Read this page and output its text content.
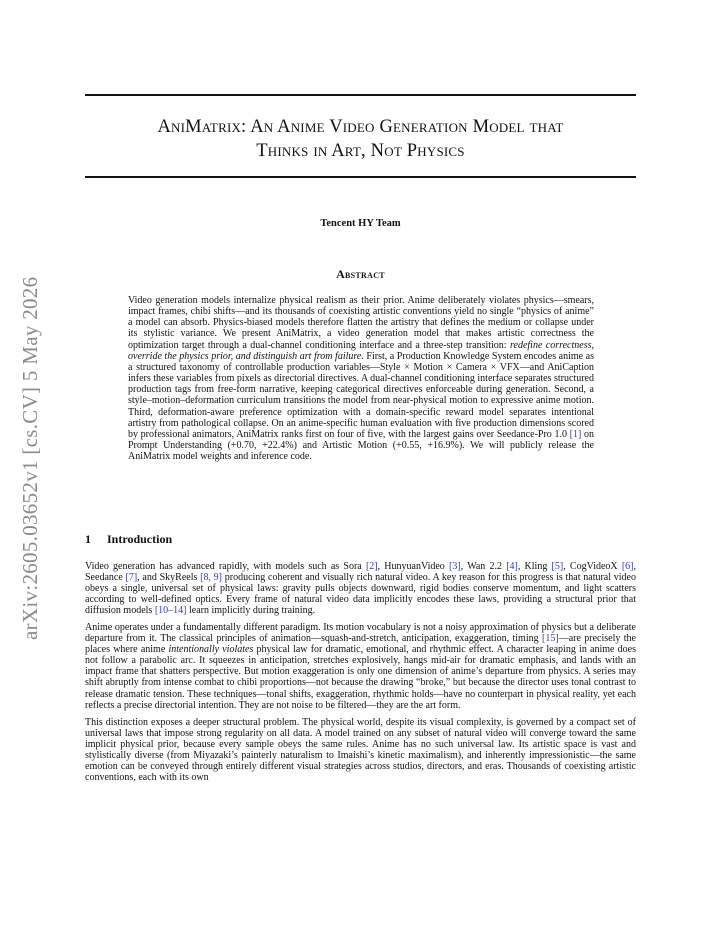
arXiv:2605.03652v1 [cs.CV] 5 May 2026
AniMatrix: An Anime Video Generation Model that
Thinks in Art, Not Physics
Tencent HY Team
Abstract
Video generation models internalize physical realism as their prior. Anime deliberately violates physics—smears, impact frames, chibi shifts—and its thousands of coexisting artistic conventions yield no single “physics of anime” a model can absorb. Physics-biased models therefore flatten the artistry that defines the medium or collapse under its stylistic variance. We present AniMatrix, a video generation model that makes artistic correctness the optimization target through a dual-channel conditioning interface and a three-step transition: redefine correctness, override the physics prior, and distinguish art from failure. First, a Production Knowledge System encodes anime as a structured taxonomy of controllable production variables—Style × Motion × Camera × VFX—and AniCaption infers these variables from pixels as directorial directives. A dual-channel conditioning interface separates structured production tags from free-form narrative, keeping categorical directives enforceable during generation. Second, a style–motion–deformation curriculum transitions the model from near-physical motion to expressive anime motion. Third, deformation-aware preference optimization with a domain-specific reward model separates intentional artistry from pathological collapse. On an anime-specific human evaluation with five production dimensions scored by professional animators, AniMatrix ranks first on four of five, with the largest gains over Seedance-Pro 1.0 [1] on Prompt Understanding (+0.70, +22.4%) and Artistic Motion (+0.55, +16.9%). We will publicly release the AniMatrix model weights and inference code.
1 Introduction

Video generation has advanced rapidly, with models such as Sora [2], HunyuanVideo [3], Wan 2.2 [4], Kling [5], CogVideoX [6], Seedance [7], and SkyReels [8, 9] producing coherent and visually rich natural video. A key reason for this progress is that natural video obeys a single, universal set of physical laws: gravity pulls objects downward, rigid bodies conserve momentum, and light scatters according to well-defined optics. Every frame of natural video data implicitly encodes these laws, providing a structural prior that diffusion models [10–14] learn implicitly during training.

Anime operates under a fundamentally different paradigm. Its motion vocabulary is not a noisy approximation of physics but a deliberate departure from it. The classical principles of animation—squash-and-stretch, anticipation, exaggeration, timing [15]—are precisely the places where anime intentionally violates physical law for dramatic, emotional, and rhythmic effect. A character leaping in anime does not follow a parabolic arc. It squeezes in anticipation, stretches explosively, hangs mid-air for dramatic emphasis, and lands with an impact frame that shatters perspective. But motion exaggeration is only one dimension of anime’s departure from physics. A series may shift abruptly from intense combat to chibi proportions—not because the drawing “broke,” but because the director uses tonal contrast to release dramatic tension. These techniques—tonal shifts, exaggeration, rhythmic holds—have no counterpart in physical reality, yet each reflects a precise directorial intention. They are not noise to be filtered—they are the art form.

This distinction exposes a deeper structural problem. The physical world, despite its visual complexity, is governed by a compact set of universal laws that impose strong regularity on all data. A model trained on any subset of natural video will converge toward the same implicit physical prior, because every sample obeys the same rules. Anime has no such universal law. Its artistic space is vast and stylistically diverse (from Miyazaki’s painterly naturalism to Imaishi’s kinetic maximalism), and inherently impressionistic—the same emotion can be conveyed through entirely different visual strategies across studios, directors, and eras. Thousands of coexisting artistic conventions, each with its own
